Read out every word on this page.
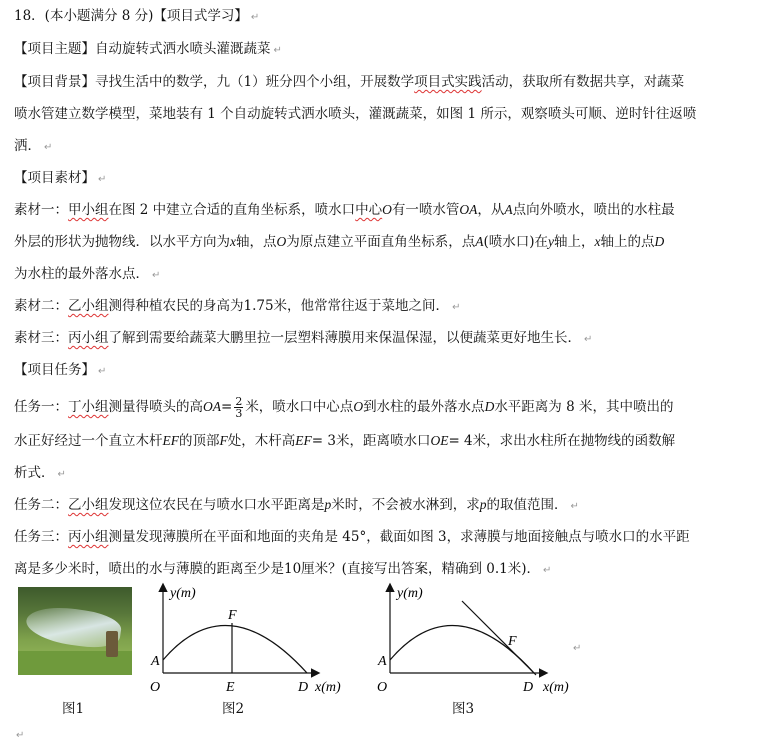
18．(本小题满分 8 分)【项目式学习】 ↵
【项目主题】自动旋转式洒水喷头灌溉蔬菜 ↵
【项目背景】寻找生活中的数学，九（1）班分四个小组，开展数学项目式实践活动，获取所有数据共享，对蔬菜
喷水管建立数学模型，菜地装有 1 个自动旋转式洒水喷头，灌溉蔬菜，如图 1 所示，观察喷头可顺、逆时针往返喷
洒． ↵
【项目素材】 ↵
素材一：甲小组在图 2 中建立合适的直角坐标系，喷水口中心O有一喷水管OA，从A点向外喷水，喷出的水柱最
外层的形状为抛物线．以水平方向为x轴，点O为原点建立平面直角坐标系，点A(喷水口)在y轴上，x轴上的点D
为水柱的最外落水点． ↵
素材二：乙小组测得种植农民的身高为1.75米，他常常往返于菜地之间． ↵
素材三：丙小组了解到需要给蔬菜大鹏里拉一层塑料薄膜用来保温保湿，以便蔬菜更好地生长． ↵
【项目任务】 ↵
任务一：丁小组测量得喷头的高$OA= \frac{2}{3}$ 米，喷水口中心点O到水柱的最外落水点D水平距离为 8 米，其中喷出的
水正好经过一个直立木杆EF的顶部F处，木杆高EF= 3米，距离喷水口OE= 4米，求出水柱所在抛物线的函数解
析式． ↵
任务二：乙小组发现这位农民在与喷水口水平距离是p米时，不会被水淋到，求p的取值范围． ↵
任务三：丙小组测量发现薄膜所在平面和地面的夹角是 45°，截面如图 3，求薄膜与地面接触点与喷水口的水平距
离是多少米时，喷出的水与薄膜的距离至少是10厘米？(直接写出答案，精确到 0.1米)． ↵
图1
y(m)
F
A
O	E	D x(m)
图2
y(m)
F
A
O	D x(m)
图3
↵
↵
